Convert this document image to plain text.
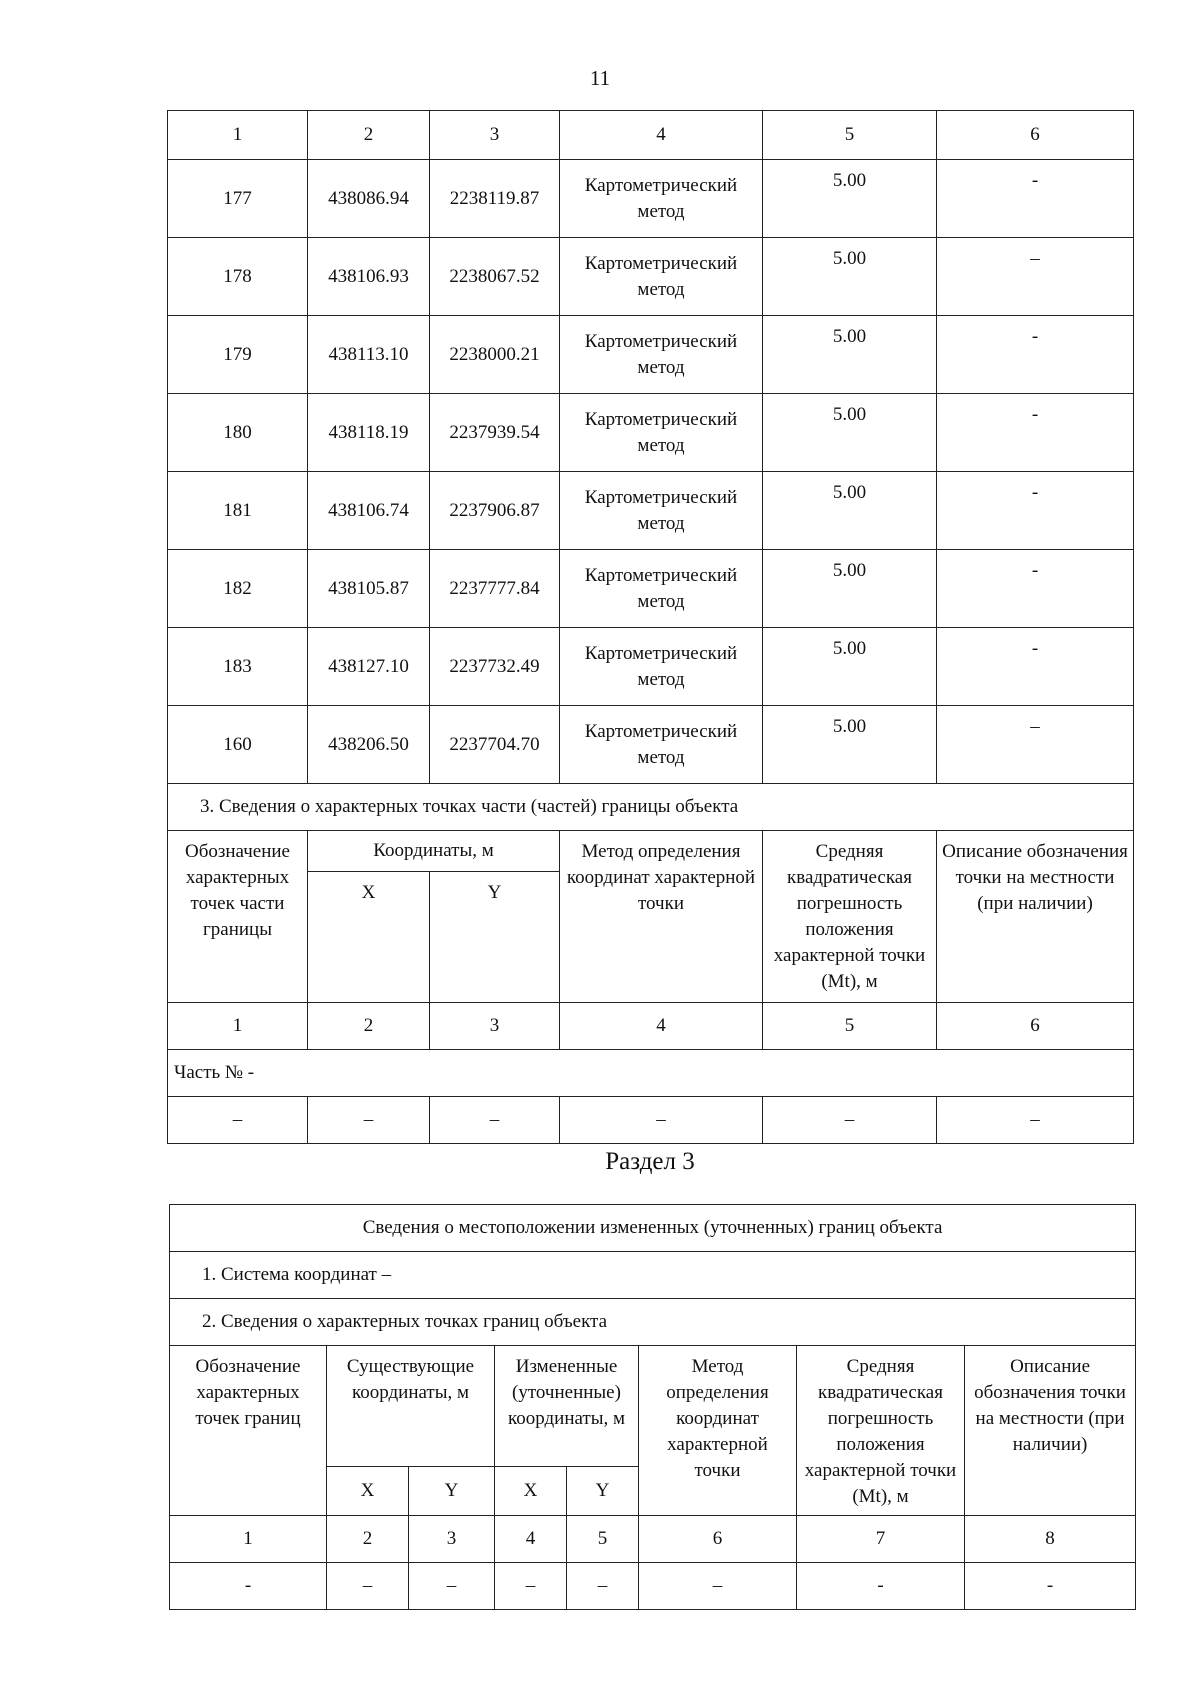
11
1	2	3	4	5	6
177	438086.94	2238119.87	Картометрический метод	5.00	-
178	438106.93	2238067.52	Картометрический метод	5.00	–
179	438113.10	2238000.21	Картометрический метод	5.00	-
180	438118.19	2237939.54	Картометрический метод	5.00	-
181	438106.74	2237906.87	Картометрический метод	5.00	-
182	438105.87	2237777.84	Картометрический метод	5.00	-
183	438127.10	2237732.49	Картометрический метод	5.00	-
160	438206.50	2237704.70	Картометрический метод	5.00	–
3. Сведения о характерных точках части (частей) границы объекта					
Обозначение характерных точек части границы	Координаты, м		Метод определения координат характерной точки	Средняя квадратическая погрешность положения характерной точки (Mt), м	Описание обозначения точки на местности (при наличии)
	X	Y			
1	2	3	4	5	6
Часть № -					
–	–	–	–	–	–
Раздел 3
Сведения о местоположении измененных (уточненных) границ объекта							
1. Система координат –							
2. Сведения о характерных точках границ объекта							
Обозначение характерных точек границ	Существующие координаты, м		Измененные (уточненные) координаты, м		Метод определения координат характерной точки	Средняя квадратическая погрешность положения характерной точки (Mt), м	Описание обозначения точки на местности (при наличии)
	X	Y	X	Y			
1	2	3	4	5	6	7	8
-	–	–	–	–	–	-	-
